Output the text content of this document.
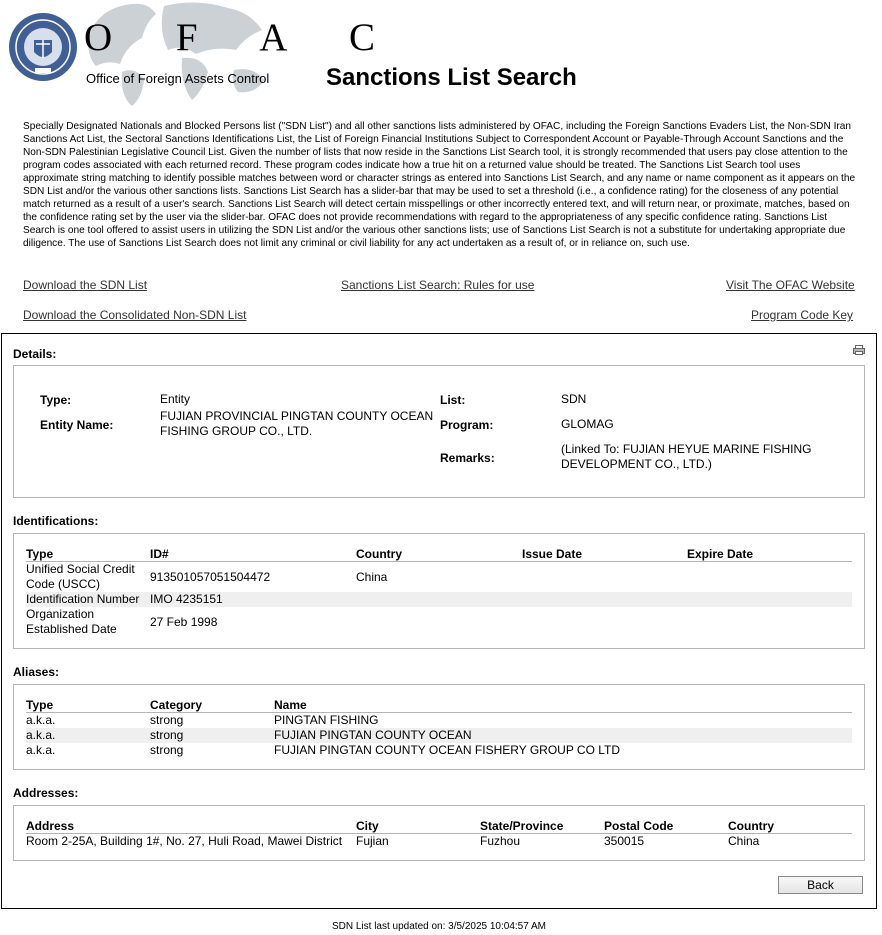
O F A C
Office of Foreign Assets Control Sanctions List Search

Specially Designated Nationals and Blocked Persons list ("SDN List") and all other sanctions lists administered by OFAC, including the Foreign Sanctions Evaders List, the Non-SDN Iran Sanctions Act List, the Sectoral Sanctions Identifications List, the List of Foreign Financial Institutions Subject to Correspondent Account or Payable-Through Account Sanctions and the Non-SDN Palestinian Legislative Council List. Given the number of lists that now reside in the Sanctions List Search tool, it is strongly recommended that users pay close attention to the program codes associated with each returned record. These program codes indicate how a true hit on a returned value should be treated. The Sanctions List Search tool uses approximate string matching to identify possible matches between word or character strings as entered into Sanctions List Search, and any name or name component as it appears on the SDN List and/or the various other sanctions lists. Sanctions List Search has a slider-bar that may be used to set a threshold (i.e., a confidence rating) for the closeness of any potential match returned as a result of a user's search. Sanctions List Search will detect certain misspellings or other incorrectly entered text, and will return near, or proximate, matches, based on the confidence rating set by the user via the slider-bar. OFAC does not provide recommendations with regard to the appropriateness of any specific confidence rating. Sanctions List Search is one tool offered to assist users in utilizing the SDN List and/or the various other sanctions lists; use of Sanctions List Search is not a substitute for undertaking appropriate due diligence. The use of Sanctions List Search does not limit any criminal or civil liability for any act undertaken as a result of, or in reliance on, such use.

Download the SDN List	Sanctions List Search: Rules for use	Visit The OFAC Website
Download the Consolidated Non-SDN List	Program Code Key
Details:
Type:	Entity
Entity Name:
FUJIAN PROVINCIAL PINGTAN COUNTY OCEAN FISHING GROUP CO., LTD.
List:	SDN
Program:	GLOMAG
Remarks:
(Linked To: FUJIAN HEYUE MARINE FISHING DEVELOPMENT CO., LTD.)
Identifications:
Type	ID#	Country	Issue Date	Expire Date
Unified Social Credit Code (USCC)	913501057051504472	China		
Identification Number	IMO 4235151			
Organization Established Date	27 Feb 1998			
Aliases:
Type	Category	Name
a.k.a.	strong	PINGTAN FISHING
a.k.a.	strong	FUJIAN PINGTAN COUNTY OCEAN
a.k.a.	strong	FUJIAN PINGTAN COUNTY OCEAN FISHERY GROUP CO LTD
Addresses:
Address	City	State/Province	Postal Code	Country
Room 2-25A, Building 1#, No. 27, Huli Road, Mawei District	Fujian	Fuzhou	350015	China
Back
SDN List last updated on: 3/5/2025 10:04:57 AM
